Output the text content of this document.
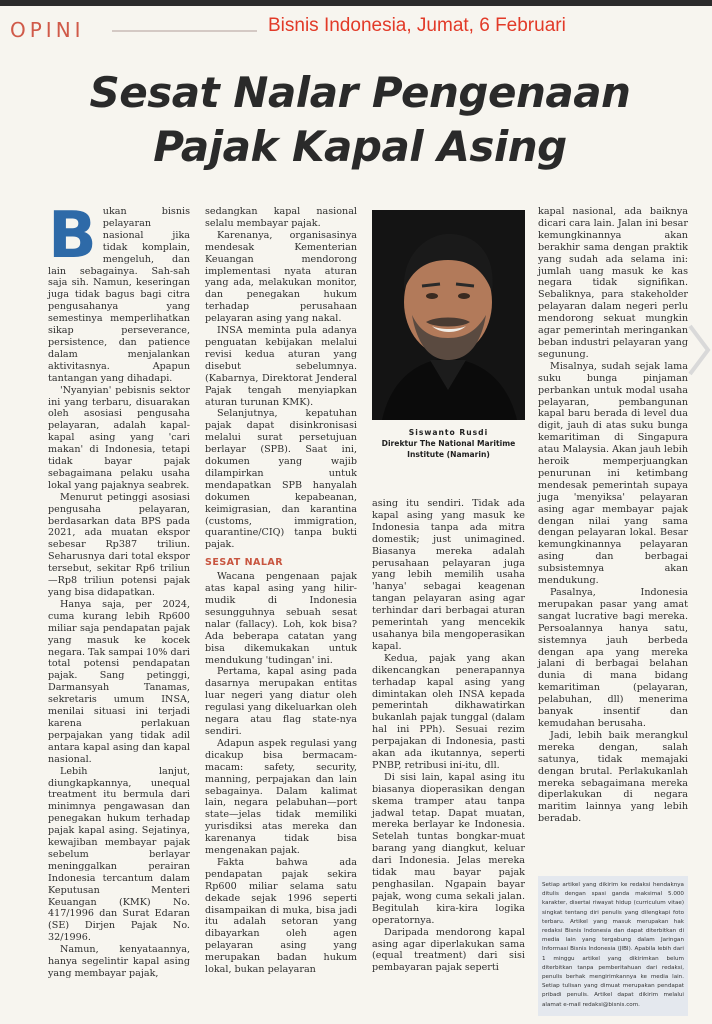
OPINI	Bisnis Indonesia, Jumat, 6 Februari
Sesat Nalar Pengenaan
Pajak Kapal Asing
B ukan bisnis pelayaran nasional jika tidak komplain, mengeluh, dan lain sebagainya. Sah-sah saja sih. Namun, keseringan juga tidak bagus bagi citra pengusahanya yang semestinya memperlihatkan sikap perseverance, persistence, dan patience dalam menjalankan aktivitasnya. Apapun tantangan yang dihadapi.

'Nyanyian' pebisnis sektor ini yang terbaru, disuarakan oleh asosiasi pengusaha pelayaran, adalah kapal-kapal asing yang 'cari makan' di Indonesia, tetapi tidak bayar pajak sebagaimana pelaku usaha lokal yang pajaknya seabrek.

Menurut petinggi asosiasi pengusaha pelayaran, berdasarkan data BPS pada 2021, ada muatan ekspor sebesar Rp387 triliun. Seharusnya dari total ekspor tersebut, sekitar Rp6 triliun—Rp8 triliun potensi pajak yang bisa didapatkan.

Hanya saja, per 2024, cuma kurang lebih Rp600 miliar saja pendapatan pajak yang masuk ke kocek negara. Tak sampai 10% dari total potensi pendapatan pajak. Sang petinggi, Darmansyah Tanamas, sekretaris umum INSA, menilai situasi ini terjadi karena perlakuan perpajakan yang tidak adil antara kapal asing dan kapal nasional.

Lebih lanjut, diungkapkannya, unequal treatment itu bermula dari minimnya pengawasan dan penegakan hukum terhadap pajak kapal asing. Sejatinya, kewajiban membayar pajak sebelum berlayar meninggalkan perairan Indonesia tercantum dalam Keputusan Menteri Keuangan (KMK) No. 417/1996 dan Surat Edaran (SE) Dirjen Pajak No. 32/1996.

Namun, kenyataannya, hanya segelintir kapal asing yang membayar pajak,

sedangkan kapal nasional selalu membayar pajak.

Karenanya, organisasinya mendesak Kementerian Keuangan mendorong implementasi nyata aturan yang ada, melakukan monitor, dan penegakan hukum terhadap perusahaan pelayaran asing yang nakal.

INSA meminta pula adanya penguatan kebijakan melalui revisi kedua aturan yang disebut sebelumnya. (Kabarnya, Direktorat Jenderal Pajak tengah menyiapkan aturan turunan KMK).

Selanjutnya, kepatuhan pajak dapat disinkronisasi melalui surat persetujuan berlayar (SPB). Saat ini, dokumen yang wajib dilampirkan untuk mendapatkan SPB hanyalah dokumen kepabeanan, keimigrasian, dan karantina (customs, immigration, quarantine/CIQ) tanpa bukti pajak.

SESAT NALAR

Wacana pengenaan pajak atas kapal asing yang hilir-mudik di Indonesia sesungguhnya sebuah sesat nalar (fallacy). Loh, kok bisa? Ada beberapa catatan yang bisa dikemukakan untuk mendukung 'tudingan' ini.

Pertama, kapal asing pada dasarnya merupakan entitas luar negeri yang diatur oleh regulasi yang dikeluarkan oleh negara atau flag state-nya sendiri.

Adapun aspek regulasi yang dicakup bisa bermacam-macam: safety, security, manning, perpajakan dan lain sebagainya. Dalam kalimat lain, negara pelabuhan—port state—jelas tidak memiliki yurisdiksi atas mereka dan karenanya tidak bisa mengenakan pajak.

Fakta bahwa ada pendapatan pajak sekira Rp600 miliar selama satu dekade sejak 1996 seperti disampaikan di muka, bisa jadi itu adalah setoran yang dibayarkan oleh agen pelayaran asing yang merupakan badan hukum lokal, bukan pelayaran

Siswanto Rusdi
Direktur The National Maritime Institute (Namarin)

asing itu sendiri. Tidak ada kapal asing yang masuk ke Indonesia tanpa ada mitra domestik; just unimagined. Biasanya mereka adalah perusahaan pelayaran juga yang lebih memilih usaha 'hanya' sebagai keagenan tangan pelayaran asing agar terhindar dari berbagai aturan pemerintah yang mencekik usahanya bila mengoperasikan kapal.

Kedua, pajak yang akan dikencangkan penerapannya terhadap kapal asing yang dimintakan oleh INSA kepada pemerintah dikhawatirkan bukanlah pajak tunggal (dalam hal ini PPh). Sesuai rezim perpajakan di Indonesia, pasti akan ada ikutannya, seperti PNBP, retribusi ini-itu, dll.

Di sisi lain, kapal asing itu biasanya dioperasikan dengan skema tramper atau tanpa jadwal tetap. Dapat muatan, mereka berlayar ke Indonesia. Setelah tuntas bongkar-muat barang yang diangkut, keluar dari Indonesia. Jelas mereka tidak mau bayar pajak penghasilan. Ngapain bayar pajak, wong cuma sekali jalan. Begitulah kira-kira logika operatornya.

Daripada mendorong kapal asing agar diperlakukan sama (equal treatment) dari sisi pembayaran pajak seperti

kapal nasional, ada baiknya dicari cara lain. Jalan ini besar kemungkinannya akan berakhir sama dengan praktik yang sudah ada selama ini: jumlah uang masuk ke kas negara tidak signifikan. Sebaliknya, para stakeholder pelayaran dalam negeri perlu mendorong sekuat mungkin agar pemerintah meringankan beban industri pelayaran yang segunung.

Misalnya, sudah sejak lama suku bunga pinjaman perbankan untuk modal usaha pelayaran, pembangunan kapal baru berada di level dua digit, jauh di atas suku bunga kemaritiman di Singapura atau Malaysia. Akan jauh lebih heroik memperjuangkan penurunan ini ketimbang mendesak pemerintah supaya juga 'menyiksa' pelayaran asing agar membayar pajak dengan nilai yang sama dengan pelayaran lokal. Besar kemungkinannya pelayaran asing dan berbagai subsistemnya akan mendukung.

Pasalnya, Indonesia merupakan pasar yang amat sangat lucrative bagi mereka. Persoalannya hanya satu, sistemnya jauh berbeda dengan apa yang mereka jalani di berbagai belahan dunia di mana bidang kemaritiman (pelayaran, pelabuhan, dll) menerima banyak insentif dan kemudahan berusaha.

Jadi, lebih baik merangkul mereka dengan, salah satunya, tidak memajaki dengan brutal. Perlakukanlah mereka sebagaimana mereka diperlakukan di negara maritim lainnya yang lebih beradab.

Setiap artikel yang dikirim ke redaksi hendaknya ditulis dengan spasi ganda maksimal 5.000 karakter, disertai riwayat hidup (curriculum vitae) singkat tentang diri penulis yang dilengkapi foto terbaru. Artikel yang masuk merupakan hak redaksi Bisnis Indonesia dan dapat diterbitkan di media lain yang tergabung dalam Jaringan Informasi Bisnis Indonesia (JIBI). Apabila lebih dari 1 minggu artikel yang dikirimkan belum diterbitkan tanpa pemberitahuan dari redaksi, penulis berhak mengirimkannya ke media lain. Setiap tulisan yang dimuat merupakan pendapat pribadi penulis. Artikel dapat dikirim melalui alamat e-mail redaksi@bisnis.com.
